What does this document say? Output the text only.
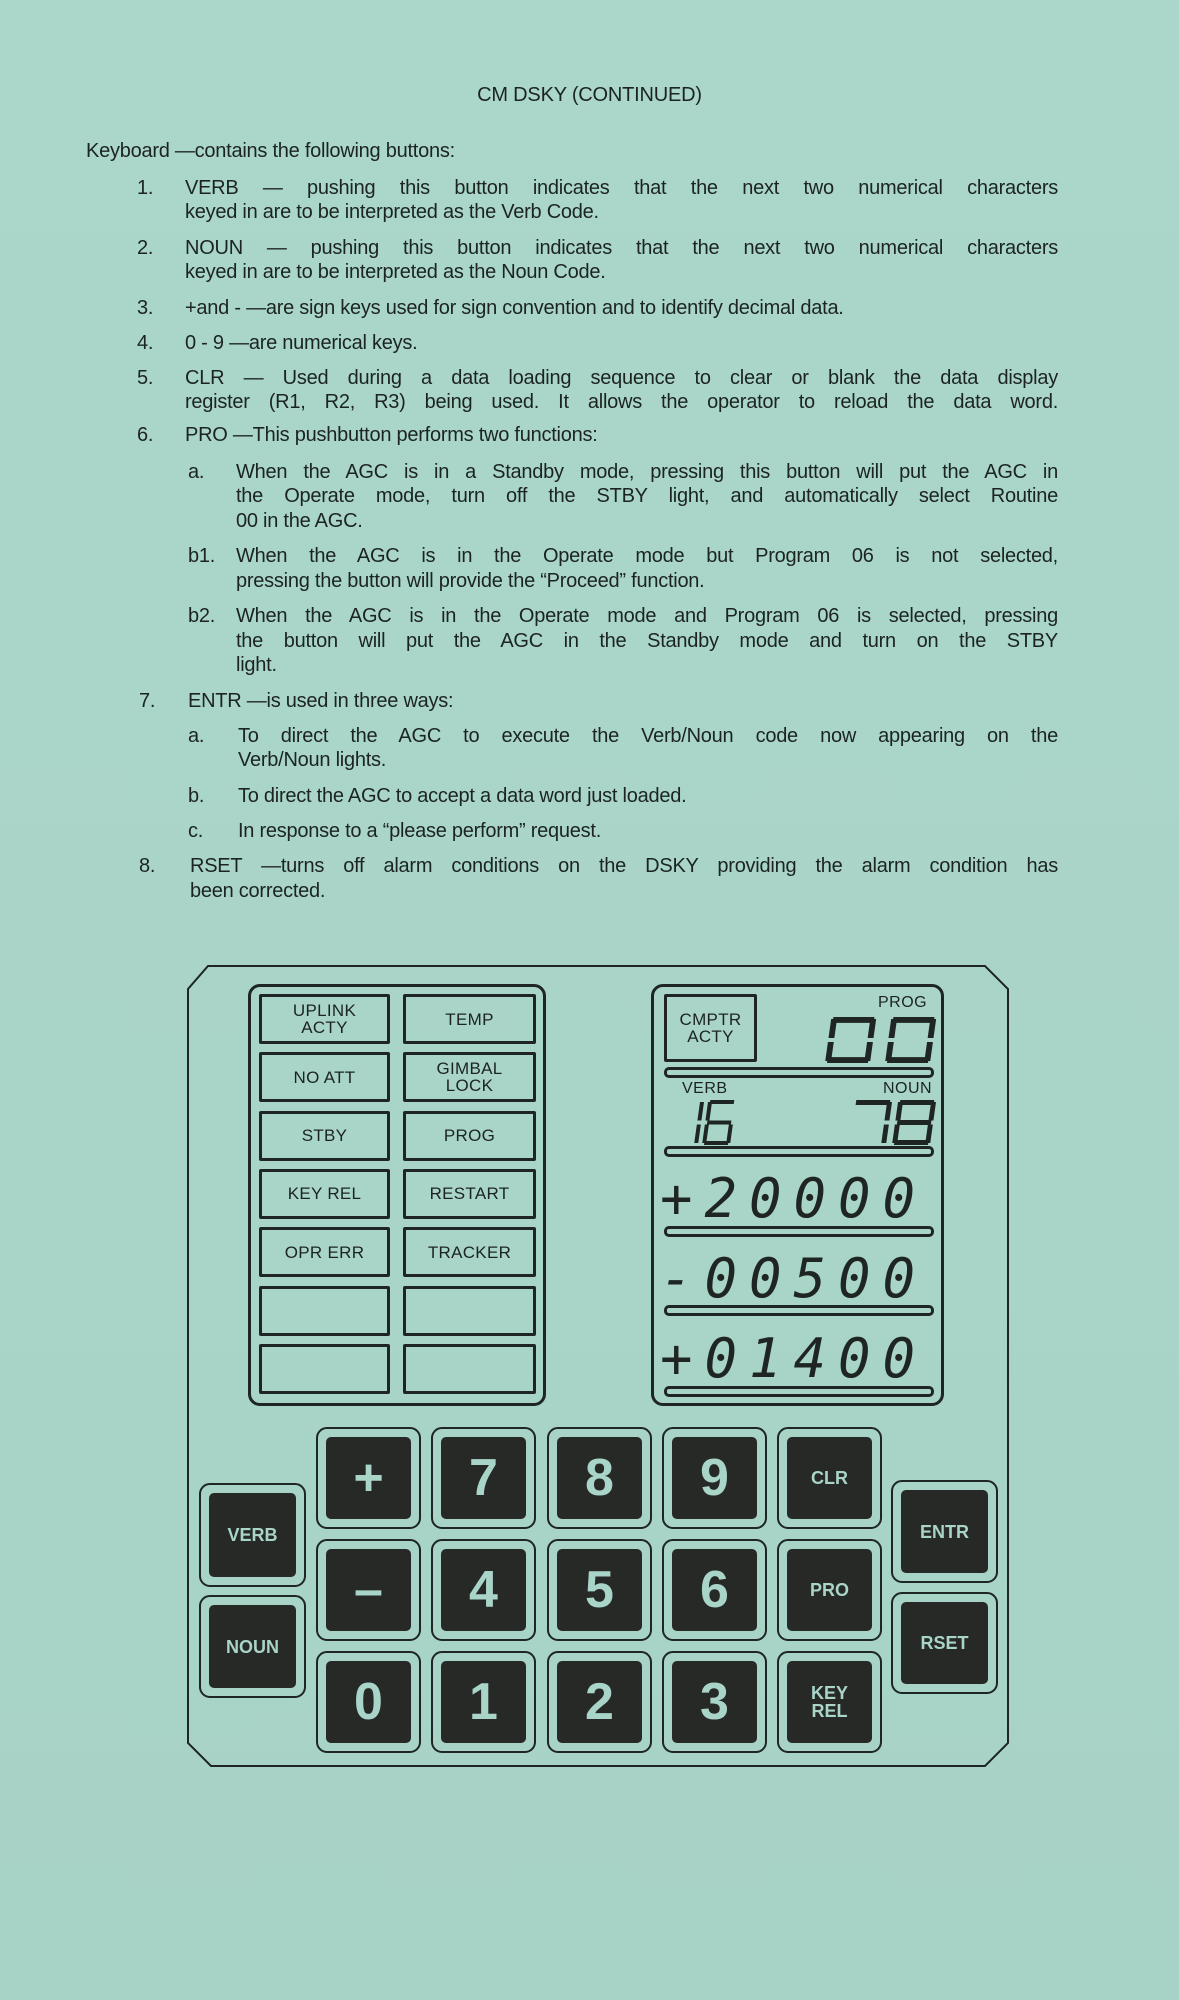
CM DSKY (CONTINUED)
Keyboard —contains the following buttons:
1. VERB — pushing this button indicates that the next two numerical characters
keyed in are to be interpreted as the Verb Code.
2. NOUN — pushing this button indicates that the next two numerical characters
keyed in are to be interpreted as the Noun Code.
3. +and - —are sign keys used for sign convention and to identify decimal data.
4. 0 - 9 —are numerical keys.
5. CLR — Used during a data loading sequence to clear or blank the data display
register (R1, R2, R3) being used. It allows the operator to reload the data word.
6. PRO —This pushbutton performs two functions:
a. When the AGC is in a Standby mode, pressing this button will put the AGC in
the Operate mode, turn off the STBY light, and automatically select Routine
00 in the AGC.
b1. When the AGC is in the Operate mode but Program 06 is not selected,
pressing the button will provide the “Proceed” function.
b2. When the AGC is in the Operate mode and Program 06 is selected, pressing
the button will put the AGC in the Standby mode and turn on the STBY
light.
7. ENTR —is used in three ways:
a. To direct the AGC to execute the Verb/Noun code now appearing on the
Verb/Noun lights.
b. To direct the AGC to accept a data word just loaded.
c. In response to a “please perform” request.
8. RSET —turns off alarm conditions on the DSKY providing the alarm condition has
been corrected.
CMPTR
ACTY
PROG
VERB	NOUN
+20000
-00500
+01400
UPLINK
ACTY	TEMP
NO ATT	GIMBAL
LOCK
STBY	PROG
KEY REL	RESTART
OPR ERR	TRACKER
+	7	8	9	CLR
–	4	5	6	PRO
0	1	2	3	KEY
REL
VERB
NOUN
ENTR
RSET
